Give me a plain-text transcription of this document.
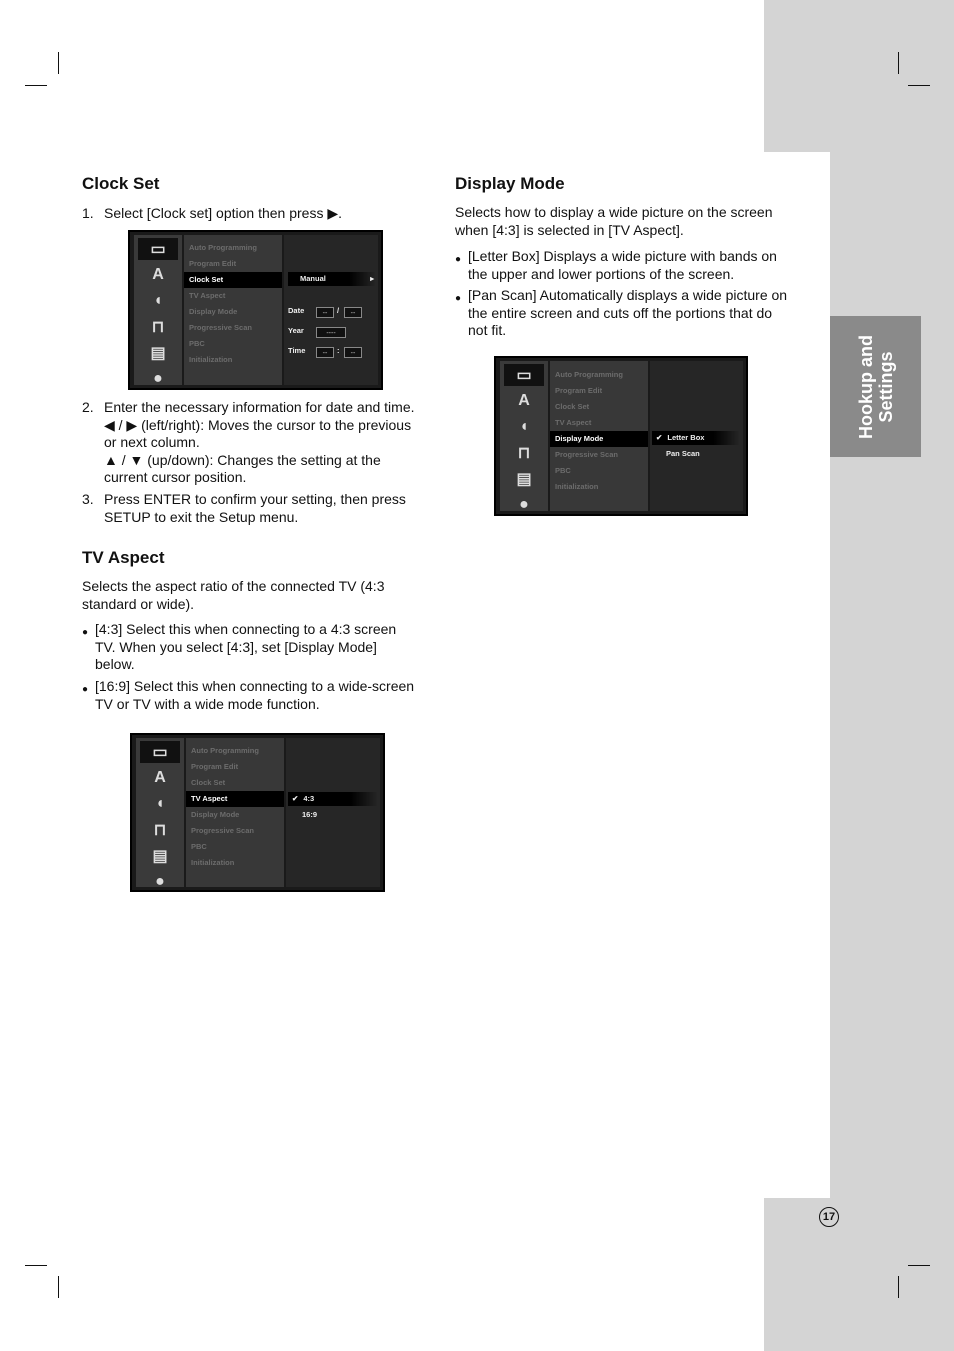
Hookup and Settings
17
Clock Set
1. Select [Clock set] option then press ▶.
▭
A
◖
⊓
▤
●
Auto Programming
Program Edit
Clock Set
TV Aspect
Display Mode
Progressive Scan
PBC
Initialization
Manual	▸
Date	--	/	--
Year	----
Time	--	:	--
2. Enter the necessary information for date and time.
◀ / ▶ (left/right): Moves the cursor to the previous
or next column.
▲ / ▼ (up/down): Changes the setting at the
current cursor position.
3. Press ENTER to confirm your setting, then press
SETUP to exit the Setup menu.
TV Aspect
Selects the aspect ratio of the connected TV (4:3
standard or wide).
● [4:3] Select this when connecting to a 4:3 screen
TV. When you select [4:3], set [Display Mode]
below.
● [16:9] Select this when connecting to a wide-screen
TV or TV with a wide mode function.
▭
A
◖
⊓
▤
●
Auto Programming
Program Edit
Clock Set
TV Aspect
Display Mode
Progressive Scan
PBC
Initialization
✔ 4:3
16:9
Display Mode
Selects how to display a wide picture on the screen
when [4:3] is selected in [TV Aspect].
● [Letter Box] Displays a wide picture with bands on
the upper and lower portions of the screen.
● [Pan Scan] Automatically displays a wide picture on
the entire screen and cuts off the portions that do
not fit.
▭
A
◖
⊓
▤
●
Auto Programming
Program Edit
Clock Set
TV Aspect
Display Mode
Progressive Scan
PBC
Initialization
✔ Letter Box
Pan Scan
